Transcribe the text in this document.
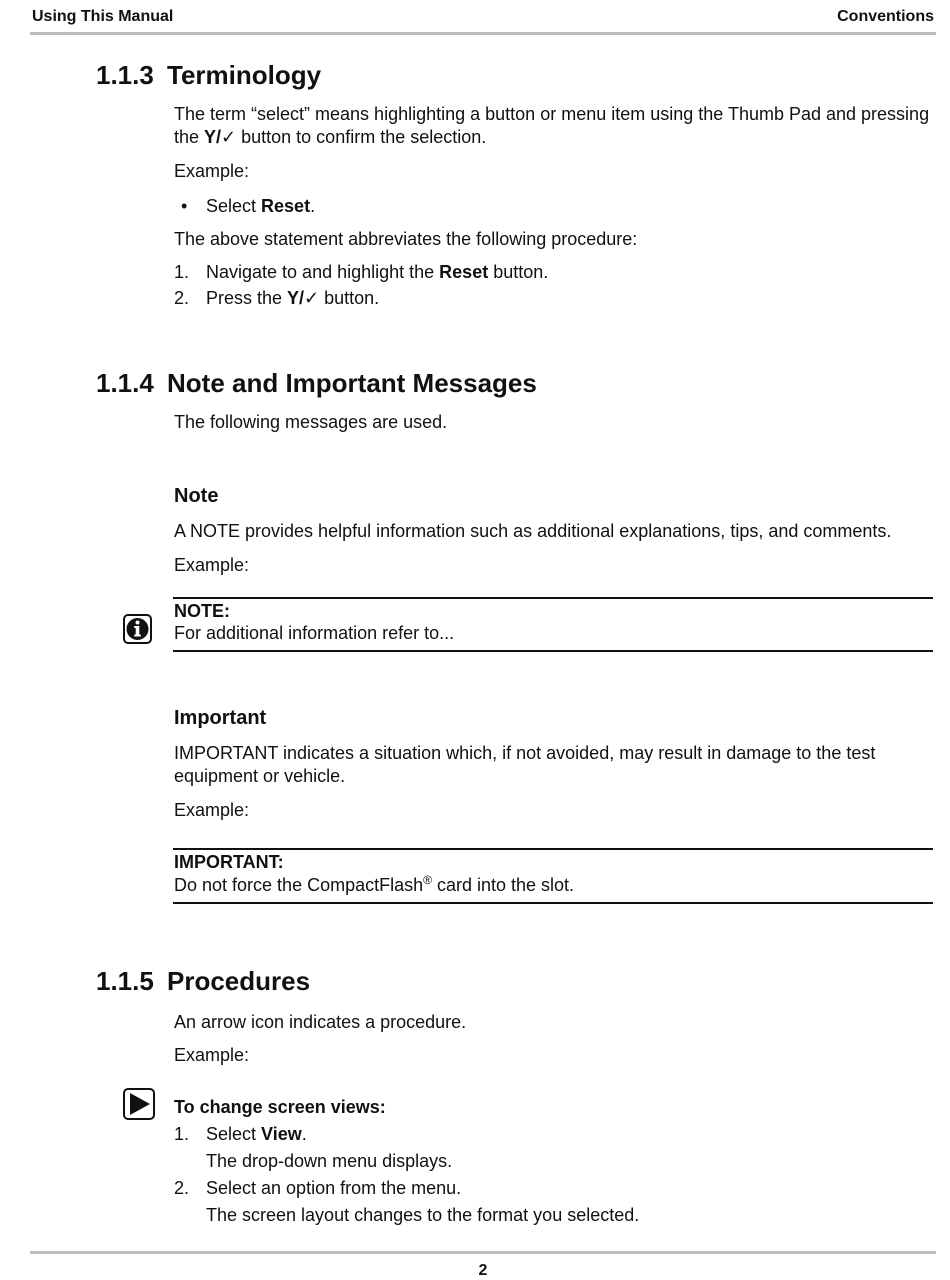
Using This Manual	Conventions
1.1.3 Terminology
The term “select” means highlighting a button or menu item using the Thumb Pad and pressing the Y/✓ button to confirm the selection.
Example:
• Select Reset.
The above statement abbreviates the following procedure:
1. Navigate to and highlight the Reset button.
2. Press the Y/✓ button.
1.1.4 Note and Important Messages
The following messages are used.
Note
A NOTE provides helpful information such as additional explanations, tips, and comments.
Example:
NOTE:
For additional information refer to...
Important
IMPORTANT indicates a situation which, if not avoided, may result in damage to the test equipment or vehicle.
Example:
IMPORTANT:
Do not force the CompactFlash® card into the slot.
1.1.5 Procedures
An arrow icon indicates a procedure.
Example:
To change screen views:
1. Select View.
The drop-down menu displays.
2. Select an option from the menu.
The screen layout changes to the format you selected.
2
